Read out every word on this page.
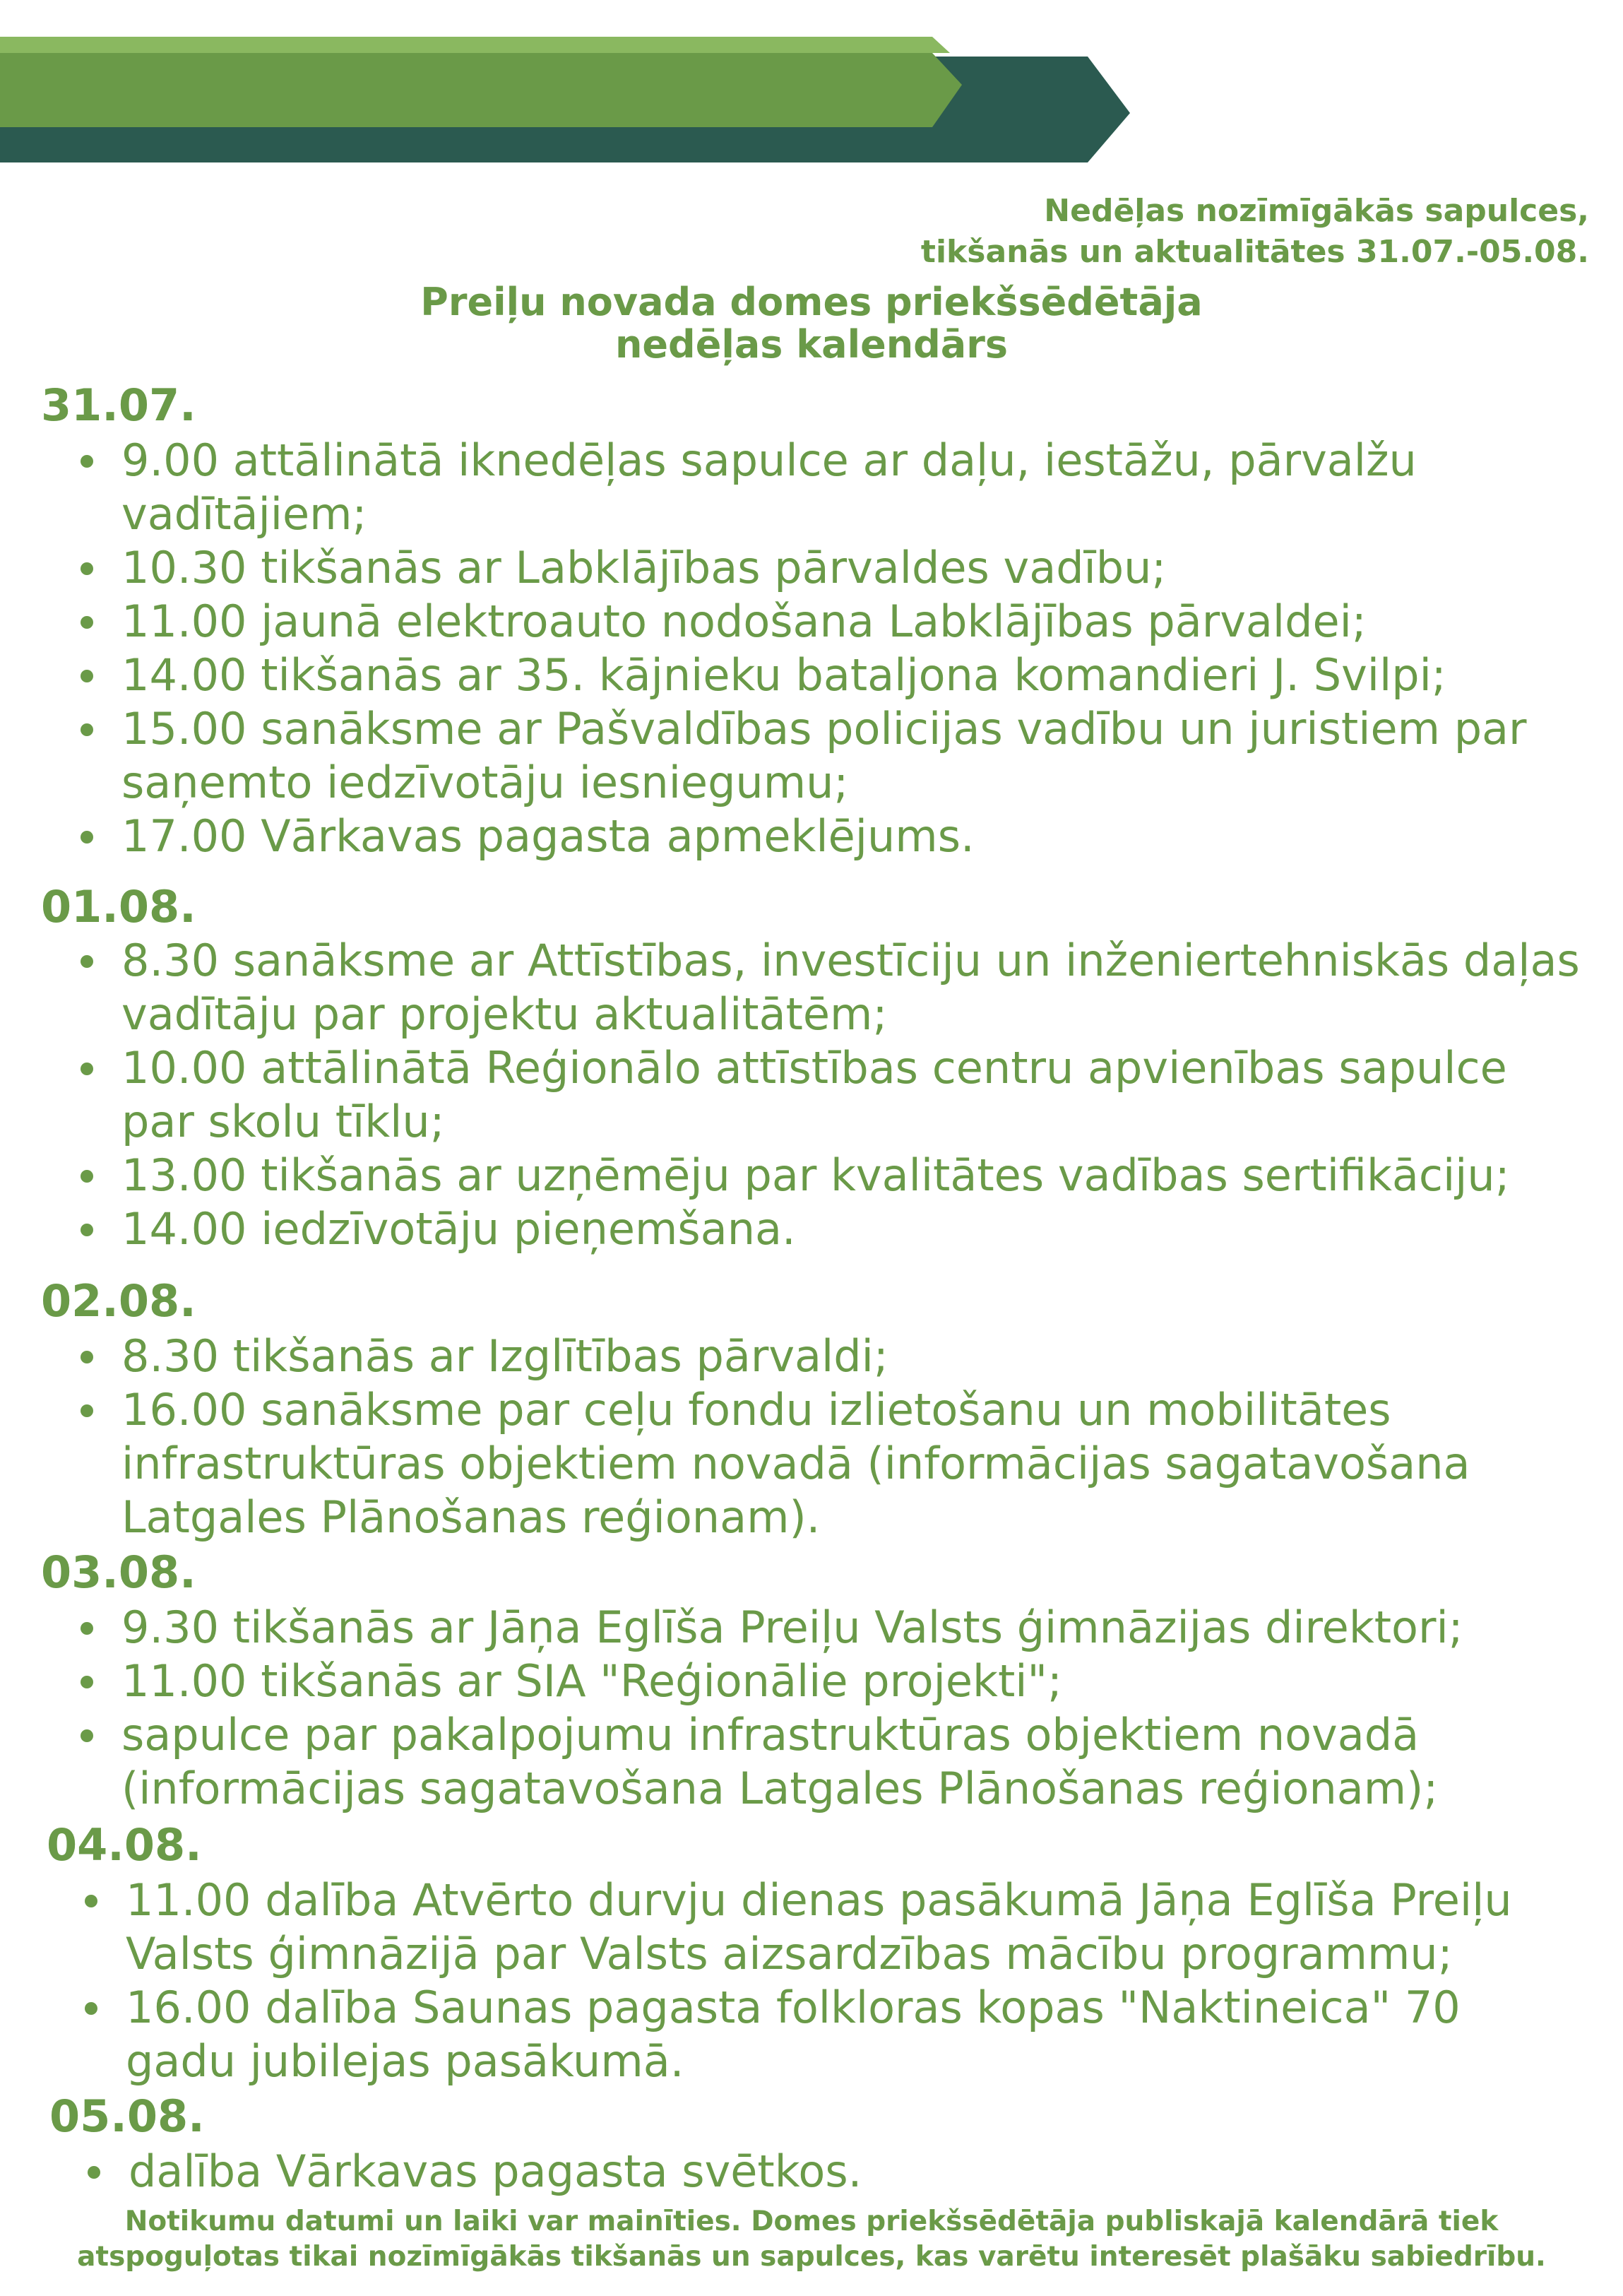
Nedēļas nozīmīgākās sapulces,
tikšanās un aktualitātes 31.07.-05.08.
Preiļu novada domes priekšsēdētāja
nedēļas kalendārs
31.07.
9.00 attālinātā iknedēļas sapulce ar daļu, iestāžu, pārvalžu vadītājiem;
10.30 tikšanās ar Labklājības pārvaldes vadību;
11.00 jaunā elektroauto nodošana Labklājības pārvaldei;
14.00 tikšanās ar 35. kājnieku bataljona komandieri J. Svilpi;
15.00 sanāksme ar Pašvaldības policijas vadību un juristiem par saņemto iedzīvotāju iesniegumu;
17.00 Vārkavas pagasta apmeklējums.
01.08.
8.30 sanāksme ar Attīstības, investīciju un inženiertehniskās daļas vadītāju par projektu aktualitātēm;
10.00 attālinātā Reģionālo attīstības centru apvienības sapulce par skolu tīklu;
13.00 tikšanās ar uzņēmēju par kvalitātes vadības sertifikāciju;
14.00 iedzīvotāju pieņemšana.
02.08.
8.30 tikšanās ar Izglītības pārvaldi;
16.00 sanāksme par ceļu fondu izlietošanu un mobilitātes infrastruktūras objektiem novadā (informācijas sagatavošana Latgales Plānošanas reģionam).
03.08.
9.30 tikšanās ar Jāņa Eglīša Preiļu Valsts ģimnāzijas direktori;
11.00 tikšanās ar SIA "Reģionālie projekti";
sapulce par pakalpojumu infrastruktūras objektiem novadā (informācijas sagatavošana Latgales Plānošanas reģionam);
04.08.
11.00 dalība Atvērto durvju dienas pasākumā Jāņa Eglīša Preiļu Valsts ģimnāzijā par Valsts aizsardzības mācību programmu;
16.00 dalība Saunas pagasta folkloras kopas "Naktineica" 70 gadu jubilejas pasākumā.
05.08.
dalība Vārkavas pagasta svētkos.
Notikumu datumi un laiki var mainīties. Domes priekšsēdētāja publiskajā kalendārā tiek
atspoguļotas tikai nozīmīgākās tikšanās un sapulces, kas varētu interesēt plašāku sabiedrību.
